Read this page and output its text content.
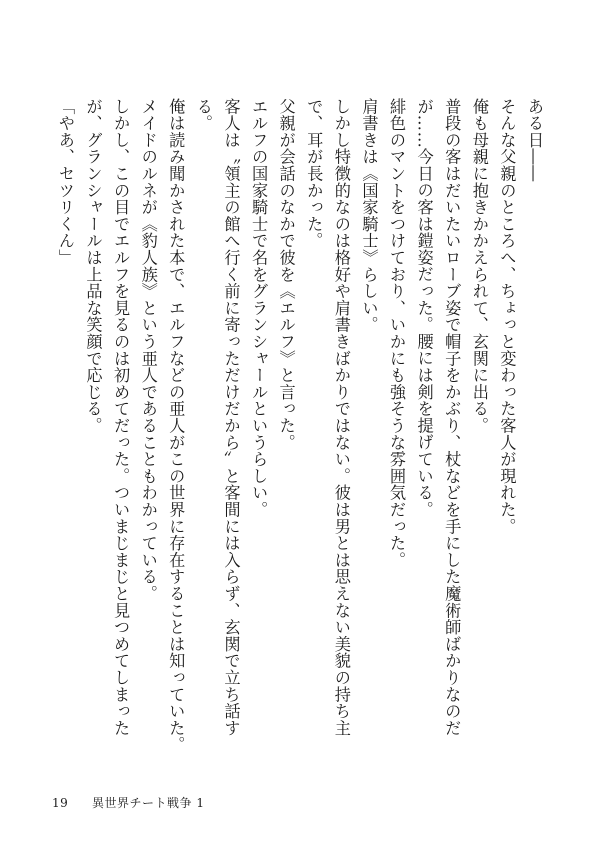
ある日――

そんな父親のところへ、ちょっと変わった客人が現れた。

俺も母親に抱きかかえられて、玄関に出る。

普段の客はだいたいローブ姿で帽子をかぶり、杖などを手にした魔術師ばかりなのだが……今日の客は鎧姿だった。腰には剣を提げている。

緋色のマントをつけており、いかにも強そうな雰囲気だった。

肩書きは《国家騎士》らしい。

しかし特徴的なのは格好や肩書きばかりではない。彼は男とは思えない美貌の持ち主で、耳が長かった。

父親が会話のなかで彼を《エルフ》と言った。

エルフの国家騎士で名をグランシャールというらしい。

客人は〝領主の館へ行く前に寄っただけだから〟と客間には入らず、玄関で立ち話する。

俺は読み聞かされた本で、エルフなどの亜人がこの世界に存在することは知っていた。メイドのルネが《豹人族》という亜人であることもわかっている。

しかし、この目でエルフを見るのは初めてだった。ついまじまじと見つめてしまったが、グランシャールは上品な笑顔で応じる。

「やあ、セツリくん」

19 異世界チート戦争 1
